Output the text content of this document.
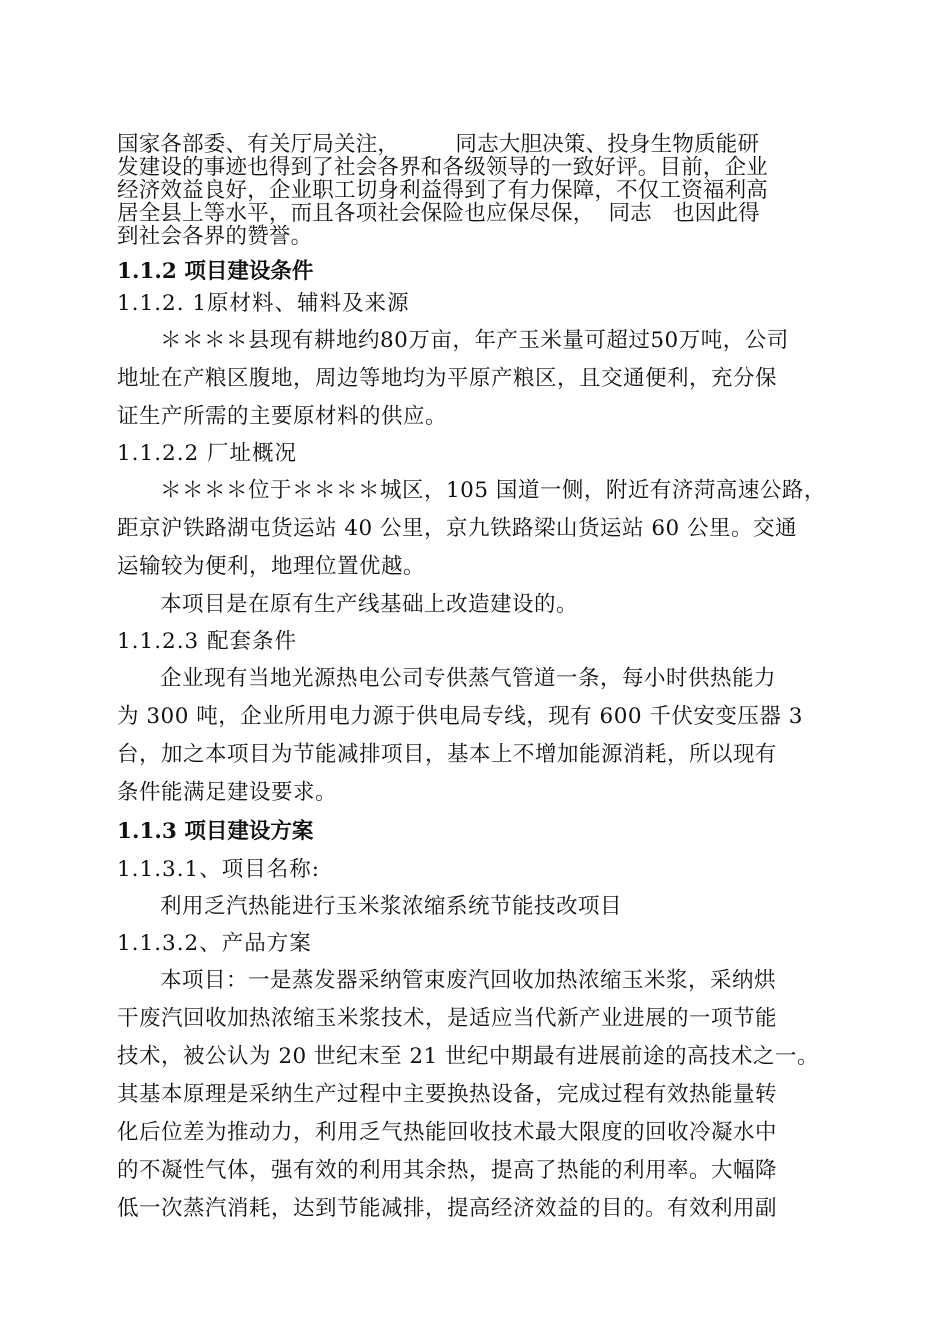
国家各部委、有关厅局关注，        同志大胆决策、投身生物质能研
发建设的事迹也得到了社会各界和各级领导的一致好评。目前，企业
经济效益良好，企业职工切身利益得到了有力保障，不仅工资福利高
居全县上等水平，而且各项社会保险也应保尽保，  同志   也因此得
到社会各界的赞誉。
1.1.2 项目建设条件
1.1.2. 1原材料、辅料及来源
＊＊＊＊县现有耕地约80万亩，年产玉米量可超过50万吨，公司
地址在产粮区腹地，周边等地均为平原产粮区，且交通便利，充分保
证生产所需的主要原材料的供应。
1.1.2.2 厂址概况
＊＊＊＊位于＊＊＊＊城区，105 国道一侧，附近有济菏高速公路，
距京沪铁路湖屯货运站 40 公里，京九铁路梁山货运站 60 公里。交通
运输较为便利，地理位置优越。
本项目是在原有生产线基础上改造建设的。
1.1.2.3 配套条件
企业现有当地光源热电公司专供蒸气管道一条，每小时供热能力
为 300 吨，企业所用电力源于供电局专线，现有 600 千伏安变压器 3
台，加之本项目为节能减排项目，基本上不增加能源消耗，所以现有
条件能满足建设要求。
1.1.3 项目建设方案
1.1.3.1、项目名称:
利用乏汽热能进行玉米浆浓缩系统节能技改项目
1.1.3.2、产品方案
本项目：一是蒸发器采纳管束废汽回收加热浓缩玉米浆，采纳烘
干废汽回收加热浓缩玉米浆技术，是适应当代新产业进展的一项节能
技术，被公认为 20 世纪末至 21 世纪中期最有进展前途的高技术之一。
其基本原理是采纳生产过程中主要换热设备，完成过程有效热能量转
化后位差为推动力，利用乏气热能回收技术最大限度的回收冷凝水中
的不凝性气体，强有效的利用其余热，提高了热能的利用率。大幅降
低一次蒸汽消耗，达到节能减排，提高经济效益的目的。有效利用副
